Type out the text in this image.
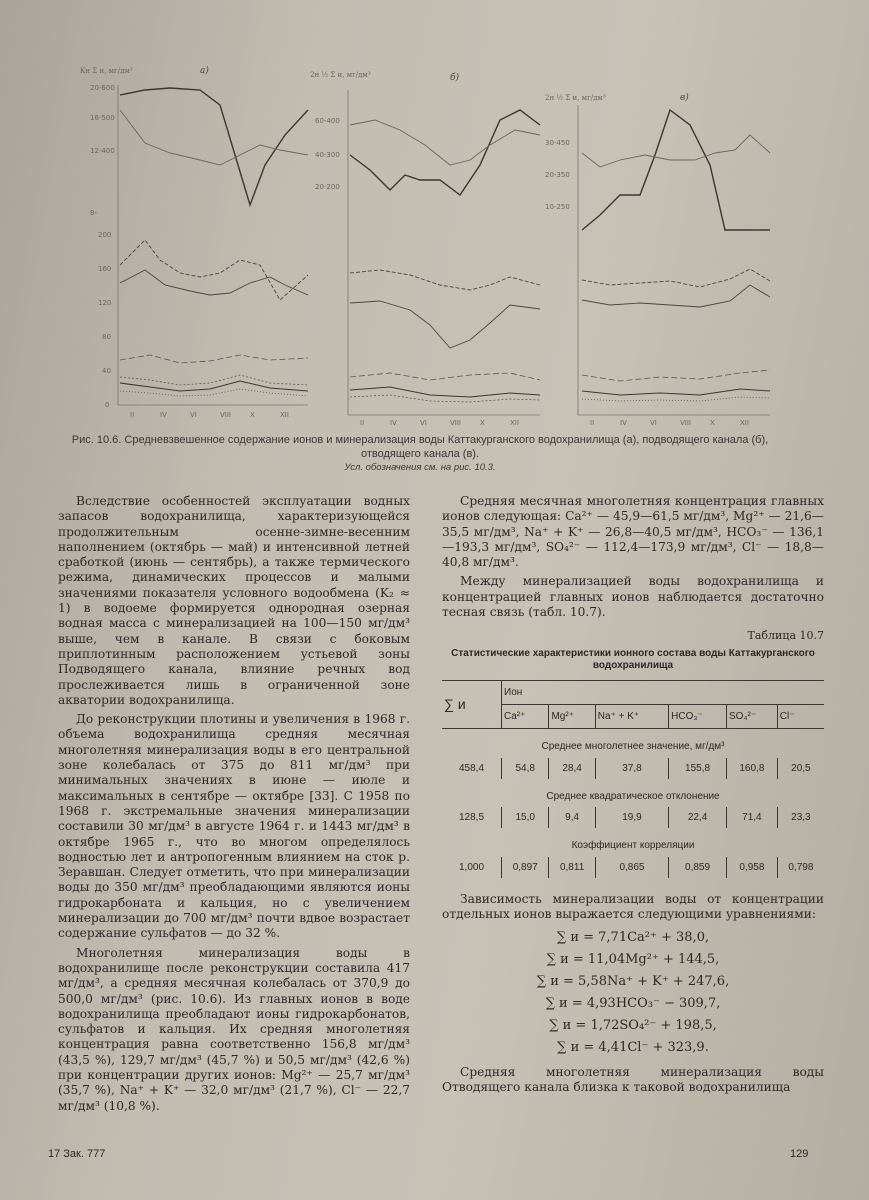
а)
б)
в)
Кн Σ и, мг/дм³	2н ½ Σ и, мг/дм³
2н ½ Σ и, мг/дм³
20-600
16-500
12-400
8-
60-400
40-300
20-200
30-450
20-350
10-250
0
40
80
120
160
200
II	IV	VI	VIII	X	XII
II	IV	VI	VIII	X	XII	II	IV	VI	VIII	X	XII
Рис. 10.6. Средневзвешенное содержание ионов и минерализация воды Каттакурганского водохранилища (а), подводящего канала (б), отводящего канала (в).
Усл. обозначения см. на рис. 10.3.

Вследствие особенностей эксплуатации водных запасов водохранилища, характеризующейся продолжительным осенне-зимне-весенним наполнением (октябрь — май) и интенсивной летней сработкой (июнь — сентябрь), а также термического режима, динамических процессов и малыми значениями показателя условного водообмена (K₂ ≈ 1) в водоеме формируется однородная озерная водная масса с минерализацией на 100—150 мг/дм³ выше, чем в канале. В связи с боковым приплотинным расположением устьевой зоны Подводящего канала, влияние речных вод прослеживается лишь в ограниченной зоне акватории водохранилища.

До реконструкции плотины и увеличения в 1968 г. объема водохранилища средняя месячная многолетняя минерализация воды в его центральной зоне колебалась от 375 до 811 мг/дм³ при минимальных значениях в июне — июле и максимальных в сентябре — октябре [33]. С 1958 по 1968 г. экстремальные значения минерализации составили 30 мг/дм³ в августе 1964 г. и 1443 мг/дм³ в октябре 1965 г., что во многом определялось водностью лет и антропогенным влиянием на сток р. Зеравшан. Следует отметить, что при минерализации воды до 350 мг/дм³ преобладающими являются ионы гидрокарбоната и кальция, но с увеличением минерализации до 700 мг/дм³ почти вдвое возрастает содержание сульфатов — до 32 %.

Многолетняя минерализация воды в водохранилище после реконструкции составила 417 мг/дм³, а средняя месячная колебалась от 370,9 до 500,0 мг/дм³ (рис. 10.6). Из главных ионов в воде водохранилища преобладают ионы гидрокарбонатов, сульфатов и кальция. Их средняя многолетняя концентрация равна соответственно 156,8 мг/дм³ (43,5 %), 129,7 мг/дм³ (45,7 %) и 50,5 мг/дм³ (42,6 %) при концентрации других ионов: Mg²⁺ — 25,7 мг/дм³ (35,7 %), Na⁺ + K⁺ — 32,0 мг/дм³ (21,7 %), Cl⁻ — 22,7 мг/дм³ (10,8 %).

Средняя месячная многолетняя концентрация главных ионов следующая: Ca²⁺ — 45,9—61,5 мг/дм³, Mg²⁺ — 21,6—35,5 мг/дм³, Na⁺ + K⁺ — 26,8—40,5 мг/дм³, HCO₃⁻ — 136,1—193,3 мг/дм³, SO₄²⁻ — 112,4—173,9 мг/дм³, Cl⁻ — 18,8—40,8 мг/дм³.

Между минерализацией воды водохранилища и концентрацией главных ионов наблюдается достаточно тесная связь (табл. 10.7).

Таблица 10.7
Статистические характеристики ионного состава воды Каттакурганского водохранилища
∑ и	Ион					
	Ca²⁺	Mg²⁺	Na⁺ + K⁺	HCO₃⁻	SO₄²⁻	Cl⁻
Среднее многолетнее значение, мг/дм³						
458,4	54,8	28,4	37,8	155,8	160,8	20,5
Среднее квадратическое отклонение						
128,5	15,0	9,4	19,9	22,4	71,4	23,3
Коэффициент корреляции						
1,000	0,897	0,811	0,865	0,859	0,958	0,798

Зависимость минерализации воды от концентрации отдельных ионов выражается следующими уравнениями:

∑ и = 7,71Ca²⁺ + 38,0,
∑ и = 11,04Mg²⁺ + 144,5,
∑ и = 5,58Na⁺ + K⁺ + 247,6,
∑ и = 4,93HCO₃⁻ − 309,7,
∑ и = 1,72SO₄²⁻ + 198,5,
∑ и = 4,41Cl⁻ + 323,9.

Средняя многолетняя минерализация воды Отводящего канала близка к таковой водохранилища

17 Зак. 777	129
